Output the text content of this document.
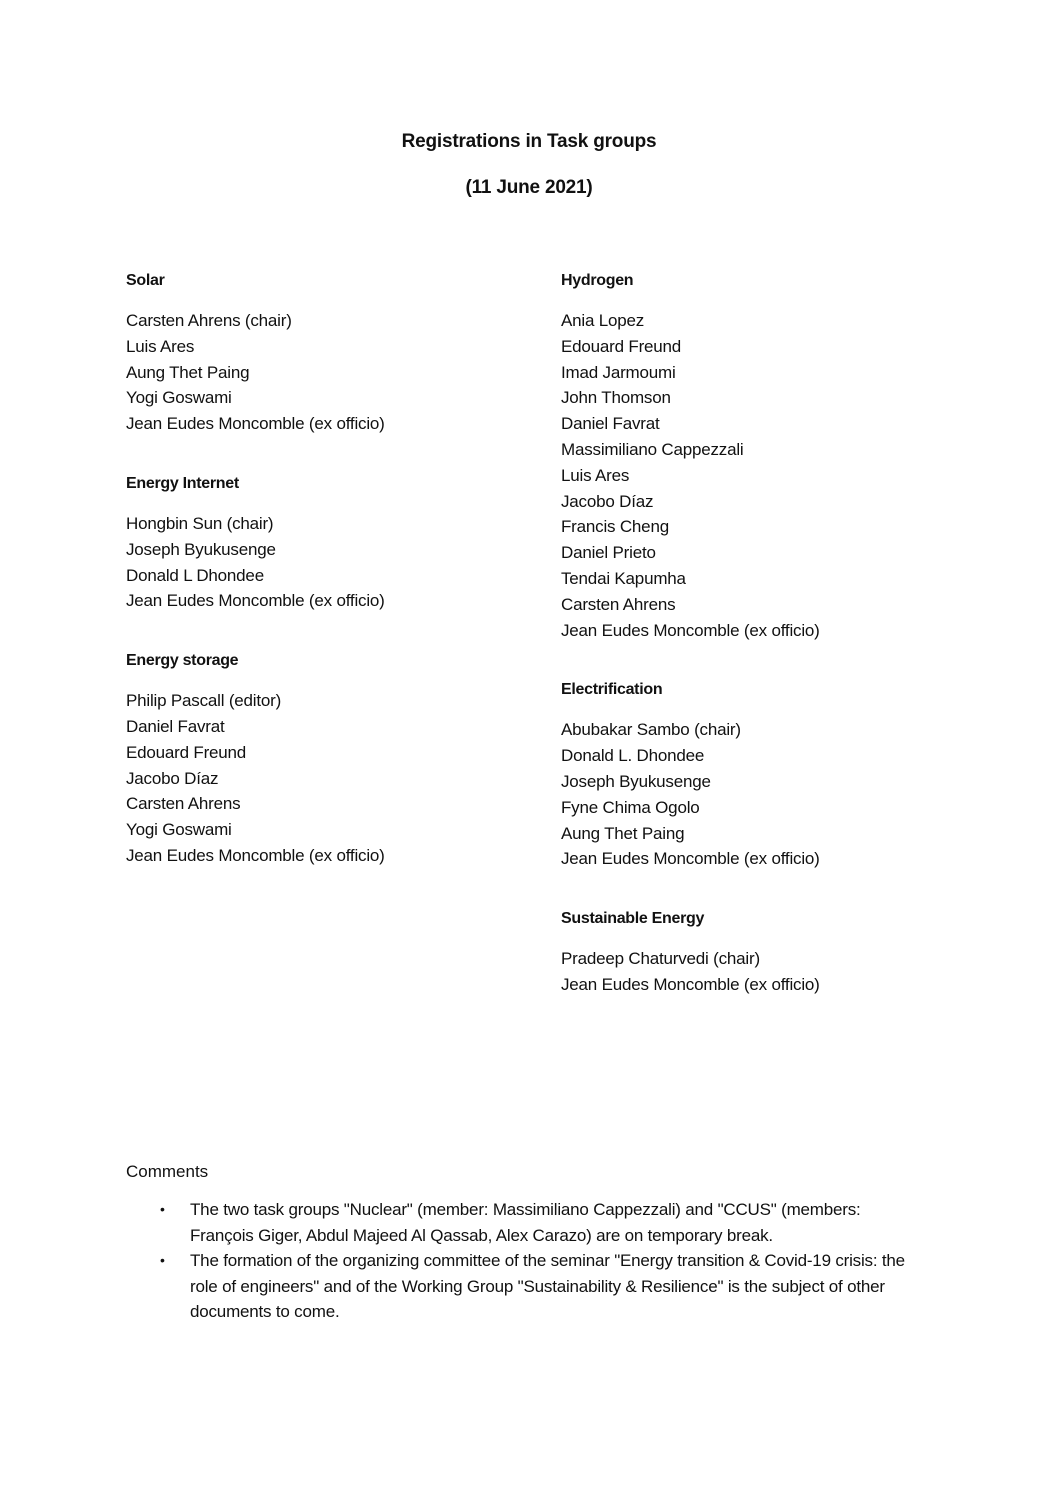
Registrations in Task groups
(11 June 2021)

Solar

Carsten Ahrens (chair)
Luis Ares
Aung Thet Paing
Yogi Goswami
Jean Eudes Moncomble (ex officio)

Energy Internet

Hongbin Sun (chair)
Joseph Byukusenge
Donald L Dhondee
Jean Eudes Moncomble (ex officio)

Energy storage

Philip Pascall (editor)
Daniel Favrat
Edouard Freund
Jacobo Díaz
Carsten Ahrens
Yogi Goswami
Jean Eudes Moncomble (ex officio)

Hydrogen

Ania Lopez
Edouard Freund
Imad Jarmoumi
John Thomson
Daniel Favrat
Massimiliano Cappezzali
Luis Ares
Jacobo Díaz
Francis Cheng
Daniel Prieto
Tendai Kapumha
Carsten Ahrens
Jean Eudes Moncomble (ex officio)

Electrification

Abubakar Sambo (chair)
Donald L. Dhondee
Joseph Byukusenge
Fyne Chima Ogolo
Aung Thet Paing
Jean Eudes Moncomble (ex officio)

Sustainable Energy

Pradeep Chaturvedi (chair)
Jean Eudes Moncomble (ex officio)

Comments

• The two task groups "Nuclear" (member: Massimiliano Cappezzali) and "CCUS" (members: François Giger, Abdul Majeed Al Qassab, Alex Carazo) are on temporary break.
• The formation of the organizing committee of the seminar "Energy transition & Covid-19 crisis: the role of engineers" and of the Working Group "Sustainability & Resilience" is the subject of other documents to come.
